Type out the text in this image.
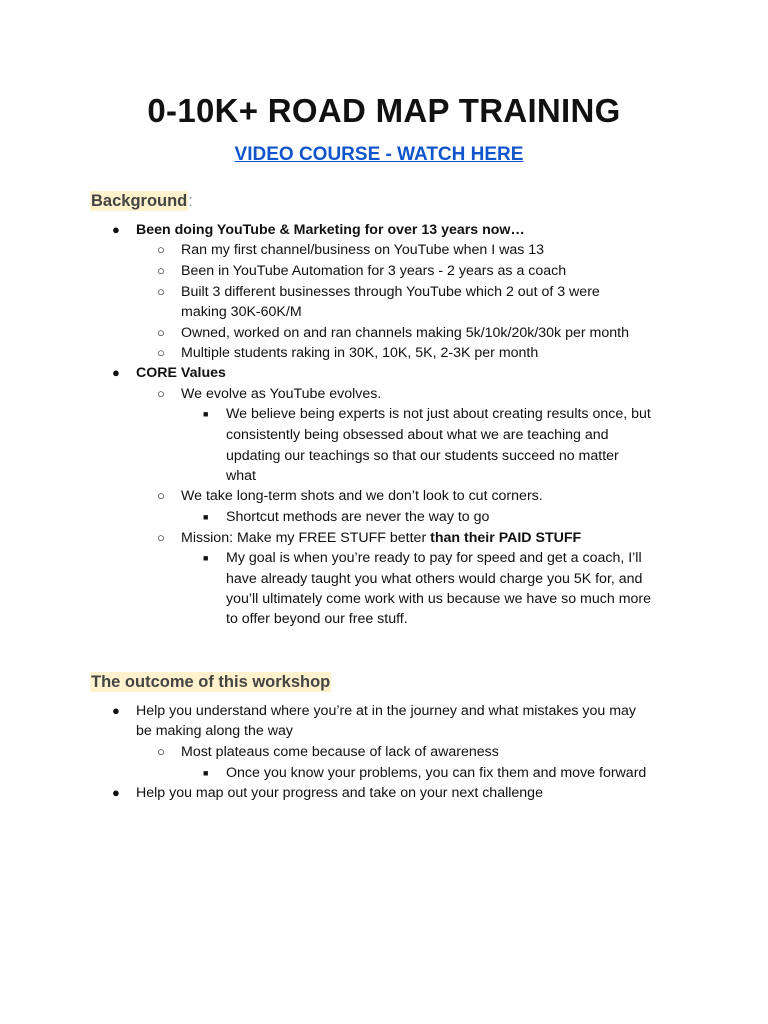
0-10K+ ROAD MAP TRAINING
VIDEO COURSE - WATCH HERE
Background:
● Been doing YouTube & Marketing for over 13 years now…
○ Ran my first channel/business on YouTube when I was 13
○ Been in YouTube Automation for 3 years - 2 years as a coach
○ Built 3 different businesses through YouTube which 2 out of 3 were
making 30K-60K/M
○ Owned, worked on and ran channels making 5k/10k/20k/30k per month
○ Multiple students raking in 30K, 10K, 5K, 2-3K per month
● CORE Values
○ We evolve as YouTube evolves.
■ We believe being experts is not just about creating results once, but
consistently being obsessed about what we are teaching and
updating our teachings so that our students succeed no matter
what
○ We take long-term shots and we don’t look to cut corners.
■ Shortcut methods are never the way to go
○ Mission: Make my FREE STUFF better than their PAID STUFF
■ My goal is when you’re ready to pay for speed and get a coach, I’ll
have already taught you what others would charge you 5K for, and
you’ll ultimately come work with us because we have so much more
to offer beyond our free stuff.
The outcome of this workshop
● Help you understand where you’re at in the journey and what mistakes you may
be making along the way
○ Most plateaus come because of lack of awareness
■ Once you know your problems, you can fix them and move forward
● Help you map out your progress and take on your next challenge
